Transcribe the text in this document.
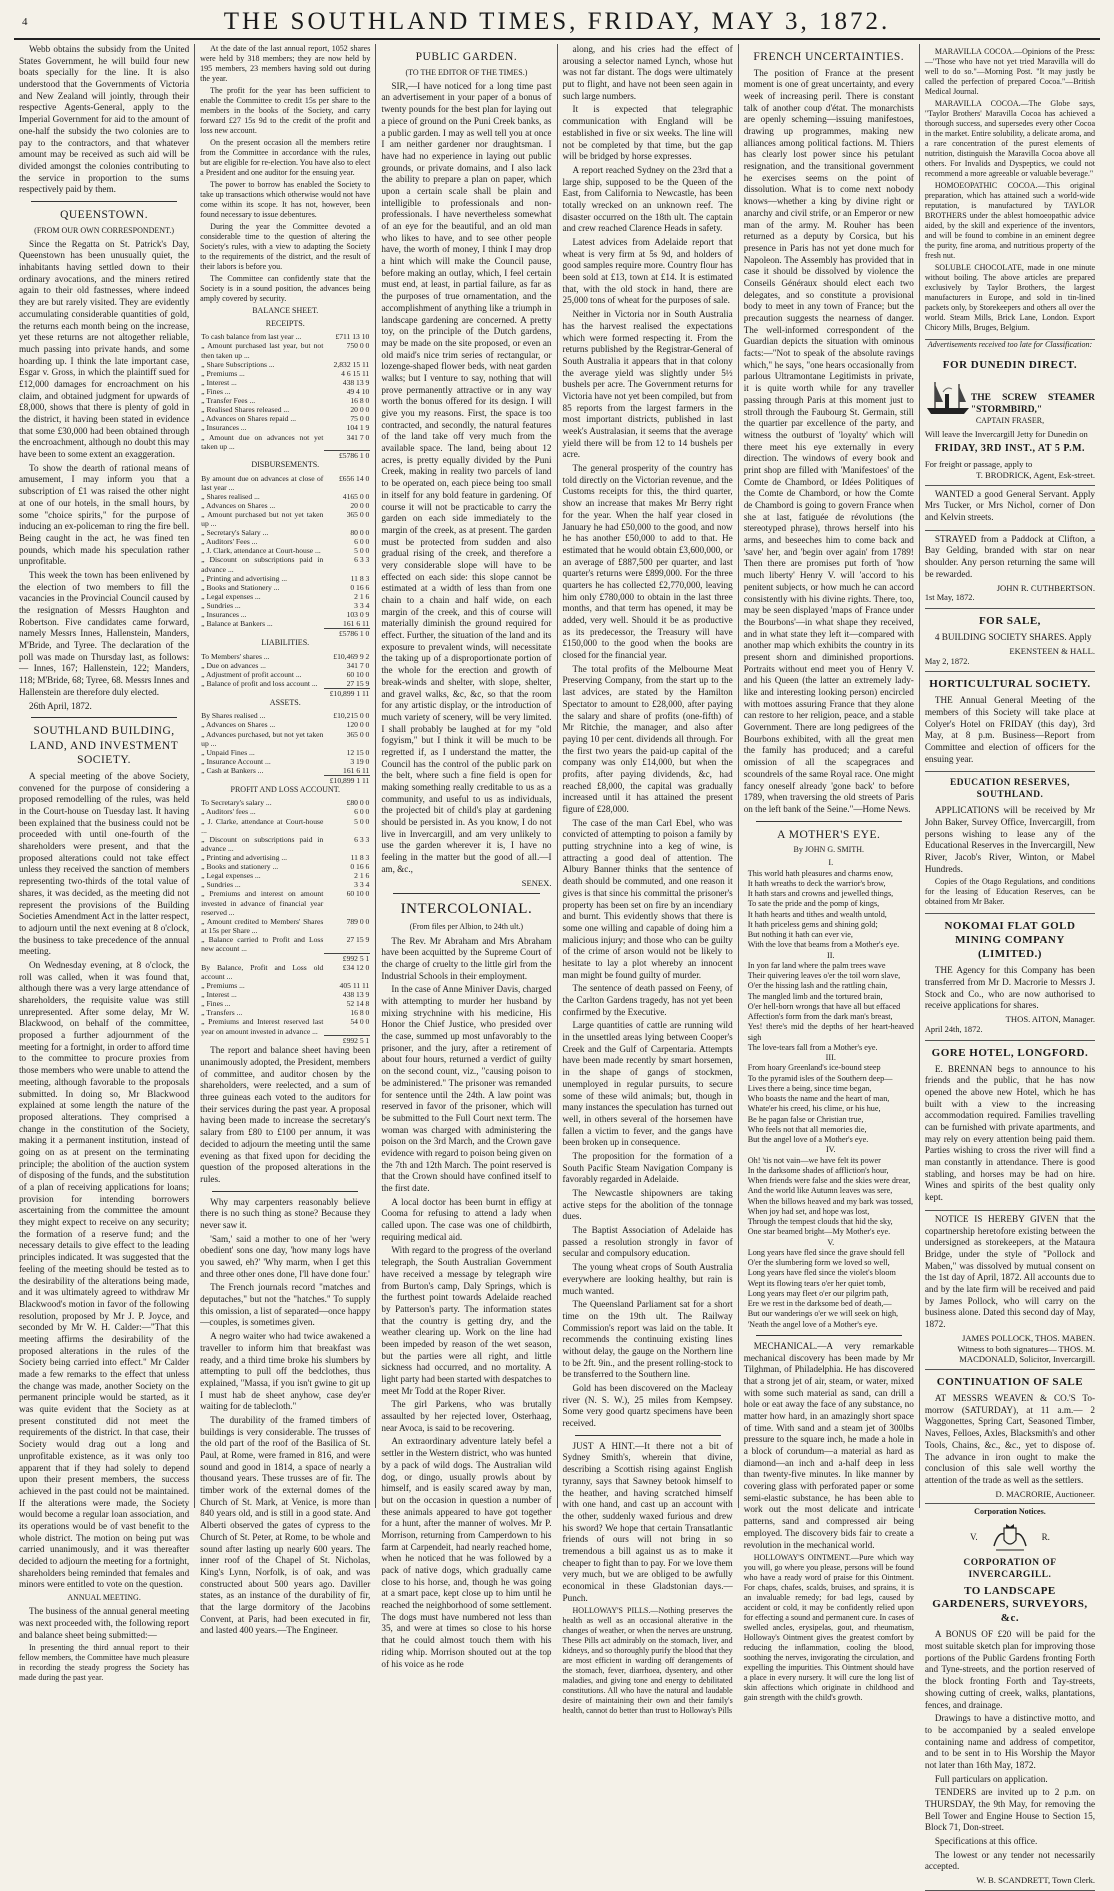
4	THE SOUTHLAND TIMES, FRIDAY, MAY 3, 1872.

Webb obtains the subsidy from the United States Government, he will build four new boats specially for the line. It is also understood that the Governments of Victoria and New Zealand will jointly, through their respective Agents-General, apply to the Imperial Government for aid to the amount of one-half the subsidy the two colonies are to pay to the contractors, and that whatever amount may be received as such aid will be divided amongst the colonies contributing to the service in proportion to the sums respectively paid by them.

QUEENSTOWN.
(FROM OUR OWN CORRESPONDENT.)

Since the Regatta on St. Patrick's Day, Queenstown has been unusually quiet, the inhabitants having settled down to their ordinary avocations, and the miners retired again to their old fastnesses, where indeed they are but rarely visited. They are evidently accumulating considerable quantities of gold, the returns each month being on the increase, yet these returns are not altogether reliable, much passing into private hands, and some hoarding up. I think the late important case, Esgar v. Gross, in which the plaintiff sued for £12,000 damages for encroachment on his claim, and obtained judgment for upwards of £8,000, shows that there is plenty of gold in the district, it having been stated in evidence that some £30,000 had been obtained through the encroachment, although no doubt this may have been to some extent an exaggeration.

To show the dearth of rational means of amusement, I may inform you that a subscription of £1 was raised the other night at one of our hotels, in the small hours, by some "choice spirits," for the purpose of inducing an ex-policeman to ring the fire bell. Being caught in the act, he was fined ten pounds, which made his speculation rather unprofitable.

This week the town has been enlivened by the election of two members to fill the vacancies in the Provincial Council caused by the resignation of Messrs Haughton and Robertson. Five candidates came forward, namely Messrs Innes, Hallenstein, Manders, M'Bride, and Tyree. The declaration of the poll was made on Thursday last, as follows:— Innes, 167; Hallenstein, 122; Manders, 118; M'Bride, 68; Tyree, 68. Messrs Innes and Hallenstein are therefore duly elected.

26th April, 1872.

SOUTHLAND BUILDING, LAND, AND INVESTMENT SOCIETY.

A special meeting of the above Society, convened for the purpose of considering a proposed remodelling of the rules, was held in the Court-house on Tuesday last. It having been explained that the business could not be proceeded with until one-fourth of the shareholders were present, and that the proposed alterations could not take effect unless they received the sanction of members representing two-thirds of the total value of shares, it was decided, as the meeting did not represent the provisions of the Building Societies Amendment Act in the latter respect, to adjourn until the next evening at 8 o'clock, the business to take precedence of the annual meeting.

On Wednesday evening, at 8 o'clock, the roll was called, when it was found that, although there was a very large attendance of shareholders, the requisite value was still unrepresented. After some delay, Mr W. Blackwood, on behalf of the committee, proposed a further adjournment of the meeting for a fortnight, in order to afford time to the committee to procure proxies from those members who were unable to attend the meeting, although favorable to the proposals submitted. In doing so, Mr Blackwood explained at some length the nature of the proposed alterations. They comprised a change in the constitution of the Society, making it a permanent institution, instead of going on as at present on the terminating principle; the abolition of the auction system of disposing of the funds, and the substitution of a plan of receiving applications for loans; provision for intending borrowers ascertaining from the committee the amount they might expect to receive on any security; the formation of a reserve fund; and the necessary details to give effect to the leading principles indicated. It was suggested that the feeling of the meeting should be tested as to the desirability of the alterations being made, and it was ultimately agreed to withdraw Mr Blackwood's motion in favor of the following resolution, proposed by Mr J. P. Joyce, and seconded by Mr W. H. Calder:—"That this meeting affirms the desirability of the proposed alterations in the rules of the Society being carried into effect." Mr Calder made a few remarks to the effect that unless the change was made, another Society on the permanent principle would be started, as it was quite evident that the Society as at present constituted did not meet the requirements of the district. In that case, their Society would drag out a long and unprofitable existence, as it was only too apparent that if they had solely to depend upon their present members, the success achieved in the past could not be maintained. If the alterations were made, the Society would become a regular loan association, and its operations would be of vast benefit to the whole district. The motion on being put was carried unanimously, and it was thereafter decided to adjourn the meeting for a fortnight, shareholders being reminded that females and minors were entitled to vote on the question.

ANNUAL MEETING.

The business of the annual general meeting was next proceeded with, the following report and balance sheet being submitted:—

In presenting the third annual report to their fellow members, the Committee have much pleasure in recording the steady progress the Society has made during the past year.

At the date of the last annual report, 1052 shares were held by 318 members; they are now held by 195 members, 23 members having sold out during the year.

The profit for the year has been sufficient to enable the Committee to credit 15s per share to the members in the books of the Society, and carry forward £27 15s 9d to the credit of the profit and loss new account.

On the present occasion all the members retire from the Committee in accordance with the rules, but are eligible for re-election. You have also to elect a President and one auditor for the ensuing year.

The power to borrow has enabled the Society to take up transactions which otherwise would not have come within its scope. It has not, however, been found necessary to issue debentures.

During the year the Committee devoted a considerable time to the question of altering the Society's rules, with a view to adapting the Society to the requirements of the district, and the result of their labors is before you.

The Committee can confidently state that the Society is in a sound position, the advances being amply covered by security.

BALANCE SHEET.
RECEIPTS.
To cash balance from last year ...	£711 13 10
„ Amount purchased last year, but not then taken up ...	750 0 0
„ Share Subscriptions ...	2,832 15 11
„ Premiums ...	4 6 15 11
„ Interest ...	438 13 9
„ Fines ...	49 4 10
„ Transfer Fees ...	16 8 0
„ Realised Shares released ...	20 0 0
„ Advances on Shares repaid ...	75 0 0
„ Insurances ...	104 1 9
„ Amount due on advances not yet taken up ...	341 7 0
	£5786 1 0
DISBURSEMENTS.
By amount due on advances at close of last year ...	£656 14 0
„ Shares realised ...	4165 0 0
„ Advances on Shares ...	20 0 0
„ Amount purchased but not yet taken up ...	365 0 0
„ Secretary's Salary ...	80 0 0
„ Auditors' Fees ...	6 0 0
„ J. Clark, attendance at Court-house ...	5 0 0
„ Discount on subscriptions paid in advance ...	6 3 3
„ Printing and advertising ...	11 8 3
„ Books and Stationery ...	0 16 6
„ Legal expenses ...	2 1 6
„ Sundries ...	3 3 4
„ Insurances ...	103 0 9
„ Balance at Bankers ...	161 6 11
	£5786 1 0
LIABILITIES.
To Members' shares ...	£10,469 9 2
„ Due on advances ...	341 7 0
„ Adjustment of profit account ...	60 10 0
„ Balance of profit and loss account ...	27 15 9
	£10,899 1 11
ASSETS.
By Shares realised ...	£10,215 0 0
„ Advances on Shares ...	120 0 0
„ Advances purchased, but not yet taken up ...	365 0 0
„ Unpaid Fines ...	12 15 0
„ Insurance Account ...	3 19 0
„ Cash at Bankers ...	161 6 11
	£10,899 1 11
PROFIT AND LOSS ACCOUNT.
To Secretary's salary ...	£80 0 0
„ Auditors' fees ...	6 0 0
„ J. Clarke, attendance at Court-house ...	5 0 0
„ Discount on subscriptions paid in advance ...	6 3 3
„ Printing and advertising ...	11 8 3
„ Books and stationery ...	0 16 6
„ Legal expenses ...	2 1 6
„ Sundries ...	3 3 4
„ Premiums and interest on amount invested in advance of financial year reserved ...	60 10 0
„ Amount credited to Members' Shares at 15s per Share ...	789 0 0
„ Balance carried to Profit and Loss new account ...	27 15 9
	£992 5 1
By Balance, Profit and Loss old account ...	£34 12 0
„ Premiums ...	405 11 11
„ Interest ...	438 13 9
„ Fines ...	52 14 8
„ Transfers ...	16 8 0
„ Premiums and Interest reserved last year on amount invested in advance ...	54 0 0
	£992 5 1

The report and balance sheet having been unanimously adopted, the President, members of committee, and auditor chosen by the shareholders, were reelected, and a sum of three guineas each voted to the auditors for their services during the past year. A proposal having been made to increase the secretary's salary from £80 to £100 per annum, it was decided to adjourn the meeting until the same evening as that fixed upon for deciding the question of the proposed alterations in the rules.

Why may carpenters reasonably believe there is no such thing as stone? Because they never saw it.

'Sam,' said a mother to one of her 'wery obedient' sons one day, 'how many logs have you sawed, eh?' 'Why marm, when I get this and three other ones done, I'll have done four.'

The French journals record "matches and deputaches," but not the "hatches." To supply this omission, a list of separated—once happy—couples, is sometimes given.

A negro waiter who had twice awakened a traveller to inform him that breakfast was ready, and a third time broke his slumbers by attempting to pull off the bedclothes, thus explained, "Massa, if you isn't gwine to git up I must hab de sheet anyhow, case dey'er waiting for de tablecloth."

The durability of the framed timbers of buildings is very considerable. The trusses of the old part of the roof of the Basilica of St. Paul, at Rome, were framed in 816, and were sound and good in 1814, a space of nearly a thousand years. These trusses are of fir. The timber work of the external domes of the Church of St. Mark, at Venice, is more than 840 years old, and is still in a good state. And Alberti observed the gates of cypress to the Church of St. Peter, at Rome, to be whole and sound after lasting up nearly 600 years. The inner roof of the Chapel of St. Nicholas, King's Lynn, Norfolk, is of oak, and was constructed about 500 years ago. Daviller states, as an instance of the durability of fir, that the large dormitory of the Jacobins Convent, at Paris, had been executed in fir, and lasted 400 years.—The Engineer.

PUBLIC GARDEN.
(TO THE EDITOR OF THE TIMES.)

SIR,—I have noticed for a long time past an advertisement in your paper of a bonus of twenty pounds for the best plan for laying out a piece of ground on the Puni Creek banks, as a public garden. I may as well tell you at once I am neither gardener nor draughtsman. I have had no experience in laying out public grounds, or private domains, and I also lack the ability to prepare a plan on paper, which upon a certain scale shall be plain and intelligible to professionals and non-professionals. I have nevertheless somewhat of an eye for the beautiful, and an old man who likes to have, and to see other people have, the worth of money, I think I may drop a hint which will make the Council pause, before making an outlay, which, I feel certain must end, at least, in partial failure, as far as the purposes of true ornamentation, and the accomplishment of anything like a triumph in landscape gardening are concerned. A pretty toy, on the principle of the Dutch gardens, may be made on the site proposed, or even an old maid's nice trim series of rectangular, or lozenge-shaped flower beds, with neat garden walks; but I venture to say, nothing that will prove permanently attractive or in any way worth the bonus offered for its design. I will give you my reasons. First, the space is too contracted, and secondly, the natural features of the land take off very much from the available space. The land, being about 12 acres, is pretty equally divided by the Puni Creek, making in reality two parcels of land to be operated on, each piece being too small in itself for any bold feature in gardening. Of course it will not be practicable to carry the garden on each side immediately to the margin of the creek, as at present. The garden must be protected from sudden and also gradual rising of the creek, and therefore a very considerable slope will have to be effected on each side: this slope cannot be estimated at a width of less than from one chain to a chain and half wide, on each margin of the creek, and this of course will materially diminish the ground required for effect. Further, the situation of the land and its exposure to prevalent winds, will necessitate the taking up of a disproportionate portion of the whole for the erection and growth of break-winds and shelter, with slope, shelter, and gravel walks, &c, &c, so that the room for any artistic display, or the introduction of much variety of scenery, will be very limited. I shall probably be laughed at for my "old fogyism," but I think it will be much to be regretted if, as I understand the matter, the Council has the control of the public park on the belt, where such a fine field is open for making something really creditable to us as a community, and useful to us as individuals, the projected bit of child's play at gardening should be persisted in. As you know, I do not live in Invercargill, and am very unlikely to use the garden wherever it is, I have no feeling in the matter but the good of all.—I am, &c.,

SENEX.
INTERCOLONIAL.
(From files per Albion, to 24th ult.)

The Rev. Mr Abraham and Mrs Abraham have been acquitted by the Supreme Court of the charge of cruelty to the little girl from the Industrial Schools in their employment.

In the case of Anne Miniver Davis, charged with attempting to murder her husband by mixing strychnine with his medicine, His Honor the Chief Justice, who presided over the case, summed up most unfavorably to the prisoner, and the jury, after a retirement of about four hours, returned a verdict of guilty on the second count, viz., "causing poison to be administered." The prisoner was remanded for sentence until the 24th. A law point was reserved in favor of the prisoner, which will be submitted to the Full Court next term. The woman was charged with administering the poison on the 3rd March, and the Crown gave evidence with regard to poison being given on the 7th and 12th March. The point reserved is that the Crown should have confined itself to the first date.

A local doctor has been burnt in effigy at Cooma for refusing to attend a lady when called upon. The case was one of childbirth, requiring medical aid.

With regard to the progress of the overland telegraph, the South Australian Government have received a message by telegraph wire from Burton's camp, Daly Springs, which is the furthest point towards Adelaide reached by Patterson's party. The information states that the country is getting dry, and the weather clearing up. Work on the line had been impeded by reason of the wet season, but the parties were all right, and little sickness had occurred, and no mortality. A light party had been started with despatches to meet Mr Todd at the Roper River.

The girl Parkens, who was brutally assaulted by her rejected lover, Osterhaag, near Avoca, is said to be recovering.

An extraordinary adventure lately befel a settler in the Western district, who was hunted by a pack of wild dogs. The Australian wild dog, or dingo, usually prowls about by himself, and is easily scared away by man, but on the occasion in question a number of these animals appeared to have got together for a hunt, after the manner of wolves. Mr P. Morrison, returning from Camperdown to his farm at Carpendeit, had nearly reached home, when he noticed that he was followed by a pack of native dogs, which gradually came close to his horse, and, though he was going at a smart pace, kept close up to him until he reached the neighborhood of some settlement. The dogs must have numbered not less than 35, and were at times so close to his horse that he could almost touch them with his riding whip. Morrison shouted out at the top of his voice as he rode

along, and his cries had the effect of arousing a selector named Lynch, whose hut was not far distant. The dogs were ultimately put to flight, and have not been seen again in such large numbers.

It is expected that telegraphic communication with England will be established in five or six weeks. The line will not be completed by that time, but the gap will be bridged by horse expresses.

A report reached Sydney on the 23rd that a large ship, supposed to be the Queen of the East, from California to Newcastle, has been totally wrecked on an unknown reef. The disaster occurred on the 18th ult. The captain and crew reached Clarence Heads in safety.

Latest advices from Adelaide report that wheat is very firm at 5s 9d, and holders of good samples require more. Country flour has been sold at £13, town at £14. It is estimated that, with the old stock in hand, there are 25,000 tons of wheat for the purposes of sale.

Neither in Victoria nor in South Australia has the harvest realised the expectations which were formed respecting it. From the returns published by the Registrar-General of South Australia it appears that in that colony the average yield was slightly under 5½ bushels per acre. The Government returns for Victoria have not yet been compiled, but from 85 reports from the largest farmers in the most important districts, published in last week's Australasian, it seems that the average yield there will be from 12 to 14 bushels per acre.

The general prosperity of the country has told directly on the Victorian revenue, and the Customs receipts for this, the third quarter, show an increase that makes Mr Berry right for the year. When the half year closed in January he had £50,000 to the good, and now he has another £50,000 to add to that. He estimated that he would obtain £3,600,000, or an average of £887,500 per quarter, and last quarter's returns were £899,000. For the three quarters he has collected £2,770,000, leaving him only £780,000 to obtain in the last three months, and that term has opened, it may be added, very well. Should it be as productive as its predecessor, the Treasury will have £150,000 to the good when the books are closed for the financial year.

The total profits of the Melbourne Meat Preserving Company, from the start up to the last advices, are stated by the Hamilton Spectator to amount to £28,000, after paying the salary and share of profits (one-fifth) of Mr Ritchie, the manager, and also after paying 10 per cent. dividends all through. For the first two years the paid-up capital of the company was only £14,000, but when the profits, after paying dividends, &c, had reached £8,000, the capital was gradually increased until it has attained the present figure of £28,000.

The case of the man Carl Ebel, who was convicted of attempting to poison a family by putting strychnine into a keg of wine, is attracting a good deal of attention. The Albury Banner thinks that the sentence of death should be commuted, and one reason it gives is that since his committal the prisoner's property has been set on fire by an incendiary and burnt. This evidently shows that there is some one willing and capable of doing him a malicious injury; and those who can be guilty of the crime of arson would not be likely to hesitate to lay a plot whereby an innocent man might be found guilty of murder.

The sentence of death passed on Feeny, of the Carlton Gardens tragedy, has not yet been confirmed by the Executive.

Large quantities of cattle are running wild in the unsettled areas lying between Cooper's Creek and the Gulf of Carpentaria. Attempts have been made recently by smart horsemen, in the shape of gangs of stockmen, unemployed in regular pursuits, to secure some of these wild animals; but, though in many instances the speculation has turned out well, in others several of the horsemen have fallen a victim to fever, and the gangs have been broken up in consequence.

The proposition for the formation of a South Pacific Steam Navigation Company is favorably regarded in Adelaide.

The Newcastle shipowners are taking active steps for the abolition of the tonnage dues.

The Baptist Association of Adelaide has passed a resolution strongly in favor of secular and compulsory education.

The young wheat crops of South Australia everywhere are looking healthy, but rain is much wanted.

The Queensland Parliament sat for a short time on the 19th ult. The Railway Commission's report was laid on the table. It recommends the continuing existing lines without delay, the gauge on the Northern line to be 2ft. 9in., and the present rolling-stock to be transferred to the Southern line.

Gold has been discovered on the Macleay river (N. S. W.), 25 miles from Kempsey. Some very good quartz specimens have been received.

JUST A HINT.—It there not a bit of Sydney Smith's, wherein that divine, describing a Scottish rising against English tyranny, says that Sawney betook himself to the heather, and having scratched himself with one hand, and cast up an account with the other, suddenly waxed furious and drew his sword? We hope that certain Transatlantic friends of ours will not bring in so tremendous a bill against us as to make it cheaper to fight than to pay. For we love them very much, but we are obliged to be awfully economical in these Gladstonian days.—Punch.

HOLLOWAY'S PILLS.—Nothing preserves the health as well as an occasional alterative in the changes of weather, or when the nerves are unstrung. These Pills act admirably on the stomach, liver, and kidneys, and so thoroughly purify the blood that they are most efficient in warding off derangements of the stomach, fever, diarrhoea, dysentery, and other maladies, and giving tone and energy to debilitated constitutions. All who have the natural and laudable desire of maintaining their own and their family's health, cannot do better than trust to Holloway's Pills

FRENCH UNCERTAINTIES.

The position of France at the present moment is one of great uncertainty, and every week of increasing peril. There is constant talk of another coup d'état. The monarchists are openly scheming—issuing manifestoes, drawing up programmes, making new alliances among political factions. M. Thiers has clearly lost power since his petulant resignation, and the transitional government he exercises seems on the point of dissolution. What is to come next nobody knows—whether a king by divine right or anarchy and civil strife, or an Emperor or new man of the army. M. Rouher has been returned as a deputy by Corsica, but his presence in Paris has not yet done much for Napoleon. The Assembly has provided that in case it should be dissolved by violence the Conseils Généraux should elect each two delegates, and so constitute a provisional body to meet in any town of France; but the precaution suggests the nearness of danger. The well-informed correspondent of the Guardian depicts the situation with ominous facts:—"Not to speak of the absolute ravings which," he says, "one hears occasionally from parlous Ultramontane Legitimists in private, it is quite worth while for any traveller passing through Paris at this moment just to stroll through the Faubourg St. Germain, still the quartier par excellence of the party, and witness the outburst of 'loyalty' which will there meet his eye externally in every direction. The windows of every book and print shop are filled with 'Manifestoes' of the Comte de Chambord, or Idées Politiques of the Comte de Chambord, or how the Comte de Chambord is going to govern France when she at last, fatiguée de révolutions (the stereotyped phrase), throws herself into his arms, and beseeches him to come back and 'save' her, and 'begin over again' from 1789! Then there are promises put forth of 'how much liberty' Henry V. will 'accord to his penitent subjects, or how much he can accord consistently with his divine rights. There, too, may be seen displayed 'maps of France under the Bourbons'—in what shape they received, and in what state they left it—compared with another map which exhibits the country in its present shorn and diminished proportions. Portraits without end meet you of Henry V. and his Queen (the latter an extremely lady-like and interesting looking person) encircled with mottoes assuring France that they alone can restore to her religion, peace, and a stable Government. There are long pedigrees of the Bourbons exhibited, with all the great men the family has produced; and a careful omission of all the scapegraces and scoundrels of the same Royal race. One might fancy oneself already 'gone back' to before 1789, when traversing the old streets of Paris on the left bank of the Seine."—Home News.

A MOTHER'S EYE.
By JOHN G. SMITH.
I.
This world hath pleasures and charms enow,
It hath wreaths to deck the warrior's brow,
It hath stars and crowns and jewelled things,
To sate the pride and the pomp of kings,
It hath hearts and tithes and wealth untold,
It hath priceless gems and shining gold;
But nothing it hath can ever vie,
With the love that beams from a Mother's eye.
II.
In yon far land where the palm trees wave
Their quivering leaves o'er the toil worn slave,
O'er the hissing lash and the rattling chain,
The mangled limb and the tortured brain,
O'er hell-born wrongs that have all but effaced
Affection's form from the dark man's breast,
Yes! there's mid the depths of her heart-heaved sigh
The love-tears fall from a Mother's eye.
III.
From hoary Greenland's ice-bound steep
To the pyramid isles of the Southern deep—
Lives there a being, since time began,
Who boasts the name and the heart of man,
Whate'er his creed, his clime, or his hue,
Be he pagan false or Christian true,
Who feels not that all memories die,
But the angel love of a Mother's eye.
IV.
Oh! 'tis not vain—we have felt its power
In the darksome shades of affliction's hour,
When friends were false and the skies were drear,
And the world like Autumn leaves was sere,
When the billows heaved and my bark was tossed,
When joy had set, and hope was lost,
Through the tempest clouds that hid the sky,
One star beamed bright—My Mother's eye.
V.
Long years have fled since the grave should fell
O'er the slumbering form we loved so well,
Long years have fled since the violet's bloom
Wept its flowing tears o'er her quiet tomb,
Long years may fleet o'er our pilgrim path,
Ere we rest in the darksome bed of death,—
But our wanderings o'er we will seek on high,
'Neath the angel love of a Mother's eye.

MECHANICAL.—A very remarkable mechanical discovery has been made by Mr Tilghman, of Philadelphia. He has discovered that a strong jet of air, steam, or water, mixed with some such material as sand, can drill a hole or eat away the face of any substance, no matter how hard, in an amazingly short space of time. With sand and a steam jet of 300lbs pressure to the square inch, he made a hole in a block of corundum—a material as hard as diamond—an inch and a-half deep in less than twenty-five minutes. In like manner by covering glass with perforated paper or some semi-elastic substance, he has been able to work out the most delicate and intricate patterns, sand and compressed air being employed. The discovery bids fair to create a revolution in the mechanical world.

HOLLOWAY'S OINTMENT.—Pure which way you will, go where you please, persons will be found who have a ready word of praise for this Ointment. For chaps, chafes, scalds, bruises, and sprains, it is an invaluable remedy; for bad legs, caused by accident or cold, it may be confidently relied upon for effecting a sound and permanent cure. In cases of swelled ancles, erysipelas, gout, and rheumatism, Holloway's Ointment gives the greatest comfort by reducing the inflammation, cooling the blood, soothing the nerves, invigorating the circulation, and expelling the impurities. This Ointment should have a place in every nursery. It will cure the long list of skin affections which originate in childhood and gain strength with the child's growth.

MARAVILLA COCOA.—Opinions of the Press:—"Those who have not yet tried Maravilla will do well to do so."—Morning Post. "It may justly be called the perfection of prepared Cocoa."—British Medical Journal.

MARAVILLA COCOA.—The Globe says, "Taylor Brothers' Maravilla Cocoa has achieved a thorough success, and supersedes every other Cocoa in the market. Entire solubility, a delicate aroma, and a rare concentration of the purest elements of nutrition, distinguish the Maravilla Cocoa above all others. For Invalids and Dyspeptics, we could not recommend a more agreeable or valuable beverage."

HOMOEOPATHIC COCOA.—This original preparation, which has attained such a world-wide reputation, is manufactured by TAYLOR BROTHERS under the ablest homoeopathic advice aided, by the skill and experience of the inventors, and will be found to combine in an eminent degree the purity, fine aroma, and nutritious property of the fresh nut.

SOLUBLE CHOCOLATE, made in one minute without boiling. The above articles are prepared exclusively by Taylor Brothers, the largest manufacturers in Europe, and sold in tin-lined packets only, by Storekeepers and others all over the world. Steam Mills, Brick Lane, London. Export Chicory Mills, Bruges, Belgium.

Advertisements received too late for Classification:
FOR DUNEDIN DIRECT.
THE SCREW STEAMER "STORMBIRD,"
CAPTAIN FRASER,
Will leave the Invercargill Jetty for Dunedin on
FRIDAY, 3RD INST., AT 5 P.M.
For freight or passage, apply to
T. BRODRICK, Agent, Esk-street.

WANTED a good General Servant. Apply Mrs Tucker, or Mrs Nichol, corner of Don and Kelvin streets.

STRAYED from a Paddock at Clifton, a Bay Gelding, branded with star on near shoulder. Any person returning the same will be rewarded.

JOHN R. CUTHBERTSON.
1st May, 1872.
FOR SALE,

4 BUILDING SOCIETY SHARES. Apply

EKENSTEEN & HALL.
May 2, 1872.
HORTICULTURAL SOCIETY.

THE Annual General Meeting of the members of this Society will take place at Colyer's Hotel on FRIDAY (this day), 3rd May, at 8 p.m. Business—Report from Committee and election of officers for the ensuing year.

EDUCATION RESERVES, SOUTHLAND.

APPLICATIONS will be received by Mr John Baker, Survey Office, Invercargill, from persons wishing to lease any of the Educational Reserves in the Invercargill, New River, Jacob's River, Winton, or Mabel Hundreds.

Copies of the Otago Regulations, and conditions for the leasing of Education Reserves, can be obtained from Mr Baker.

NOKOMAI FLAT GOLD MINING COMPANY (LIMITED.)

THE Agency for this Company has been transferred from Mr D. Macrorie to Messrs J. Stock and Co., who are now authorised to receive applications for shares.

THOS. AITON, Manager.
April 24th, 1872.
GORE HOTEL, LONGFORD.

E. BRENNAN begs to announce to his friends and the public, that he has now opened the above new Hotel, which he has built with a view to the increasing accommodation required. Families travelling can be furnished with private apartments, and may rely on every attention being paid them. Parties wishing to cross the river will find a man constantly in attendance. There is good stabling, and horses may be had on hire. Wines and spirits of the best quality only kept.

NOTICE IS HEREBY GIVEN that the copartnership heretofore existing between the undersigned as storekeepers, at the Mataura Bridge, under the style of "Pollock and Maben," was dissolved by mutual consent on the 1st day of April, 1872. All accounts due to and by the late firm will be received and paid by James Pollock, who will carry on the business alone. Dated this second day of May, 1872.

JAMES POLLOCK, THOS. MABEN.
Witness to both signatures— THOS. M. MACDONALD, Solicitor, Invercargill.
CONTINUATION OF SALE

AT MESSRS WEAVEN & CO.'S To-morrow (SATURDAY), at 11 a.m.— 2 Waggonettes, Spring Cart, Seasoned Timber, Naves, Felloes, Axles, Blacksmith's and other Tools, Chains, &c., &c., yet to dispose of. The advance in iron ought to make the conclusion of this sale well worthy the attention of the trade as well as the settlers.

D. MACRORIE, Auctioneer.
Corporation Notices.
V.	R.
CORPORATION OF INVERCARGILL.
TO LANDSCAPE GARDENERS, SURVEYORS, &c.

A BONUS OF £20 will be paid for the most suitable sketch plan for improving those portions of the Public Gardens fronting Forth and Tyne-streets, and the portion reserved of the block fronting Forth and Tay-streets, showing cutting of creek, walks, plantations, fences, and drainage.

Drawings to have a distinctive motto, and to be accompanied by a sealed envelope containing name and address of competitor, and to be sent in to His Worship the Mayor not later than 16th May, 1872.

Full particulars on application.

TENDERS are invited up to 2 p.m. on THURSDAY, the 9th May, for removing the Bell Tower and Engine House to Section 15, Block 71, Don-street.

Specifications at this office.

The lowest or any tender not necessarily accepted.

W. B. SCANDRETT, Town Clerk.
